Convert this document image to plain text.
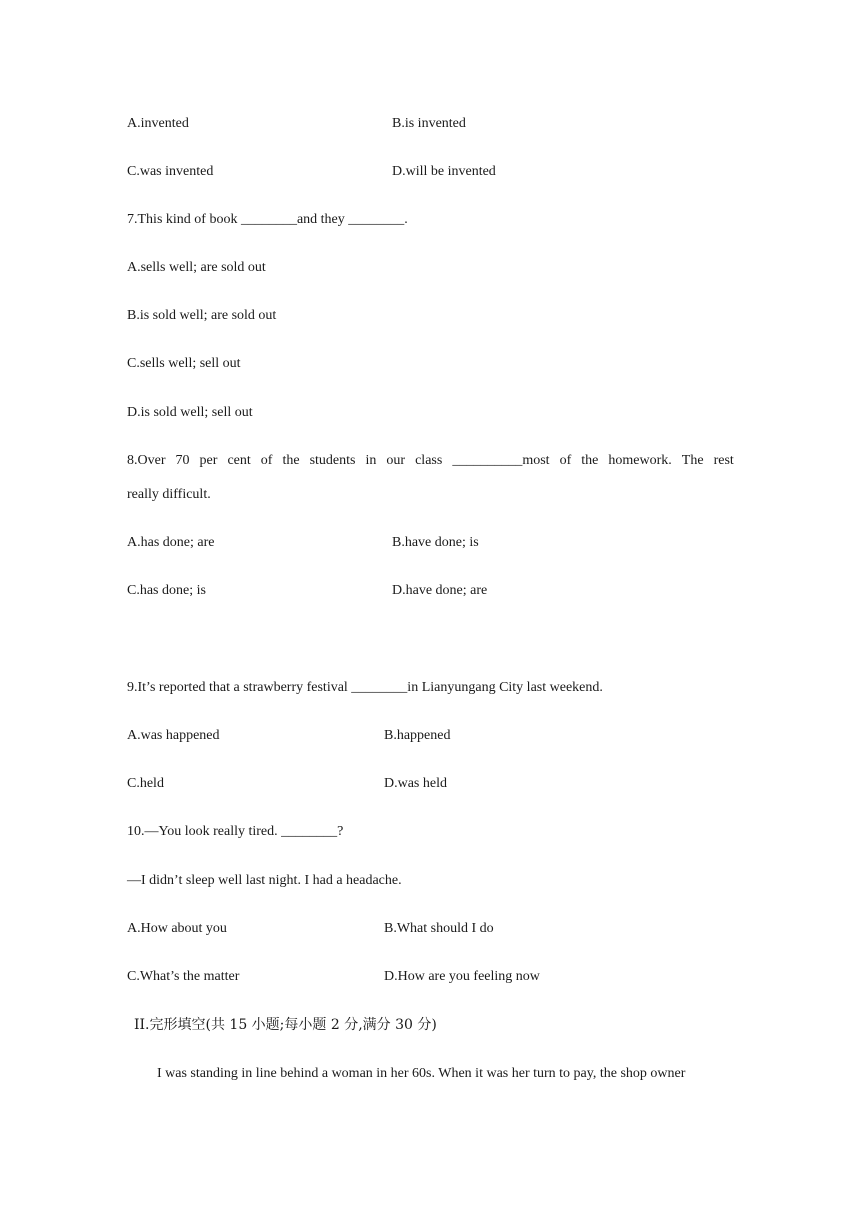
A.invented	B.is invented
C.was invented	D.will be invented
7.This kind of book ________and they ________.
A.sells well; are sold out
B.is sold well; are sold out
C.sells well; sell out
D.is sold well; sell out
8.Over 70 per cent of the students in our class __________most of the homework. The rest
really difficult.
A.has done; are	B.have done; is
C.has done; is	D.have done; are
9.It’s reported that a strawberry festival ________in Lianyungang City last weekend.
A.was happened	B.happened
C.held	D.was held
10.—You look really tired. ________?
—I didn’t sleep well last night. I had a headache.
A.How about you	B.What should I do
C.What’s the matter	D.How are you feeling now
II.完形填空(共 15 小题;每小题 2 分,满分 30 分)
I was standing in line behind a woman in her 60s. When it was her turn to pay, the shop owner
